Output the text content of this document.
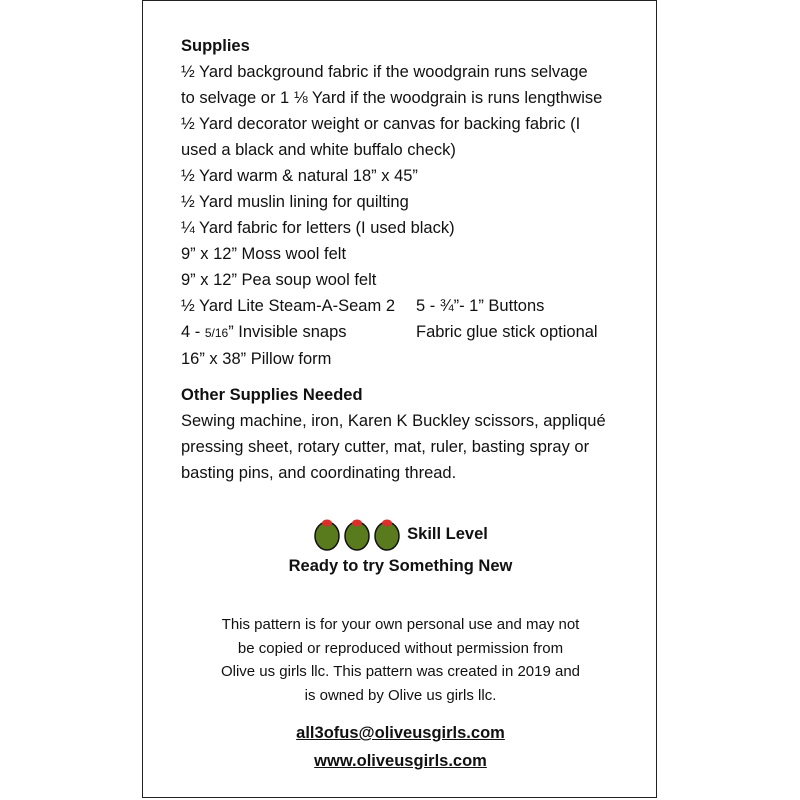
Supplies

½ Yard background fabric if the woodgrain runs selvage

to selvage or 1 ⅛ Yard if the woodgrain is runs lengthwise

½ Yard decorator weight or canvas for backing fabric (I

used a black and white buffalo check)

½ Yard warm & natural 18” x 45”

½ Yard muslin lining for quilting

¼ Yard fabric for letters (I used black)

9” x 12” Moss wool felt

9” x 12” Pea soup wool felt

½ Yard Lite Steam-A-Seam 2	5 - ¾”- 1” Buttons

4 - 5/16” Invisible snaps	Fabric glue stick optional

16” x 38” Pillow form

Other Supplies Needed

Sewing machine, iron, Karen K Buckley scissors, appliqué

pressing sheet, rotary cutter, mat, ruler, basting spray or

basting pins, and coordinating thread.

Skill Level
Ready to try Something New
This pattern is for your own personal use and may not
be copied or reproduced without permission from
Olive us girls llc. This pattern was created in 2019 and
is owned by Olive us girls llc.
all3ofus@oliveusgirls.com
www.oliveusgirls.com
